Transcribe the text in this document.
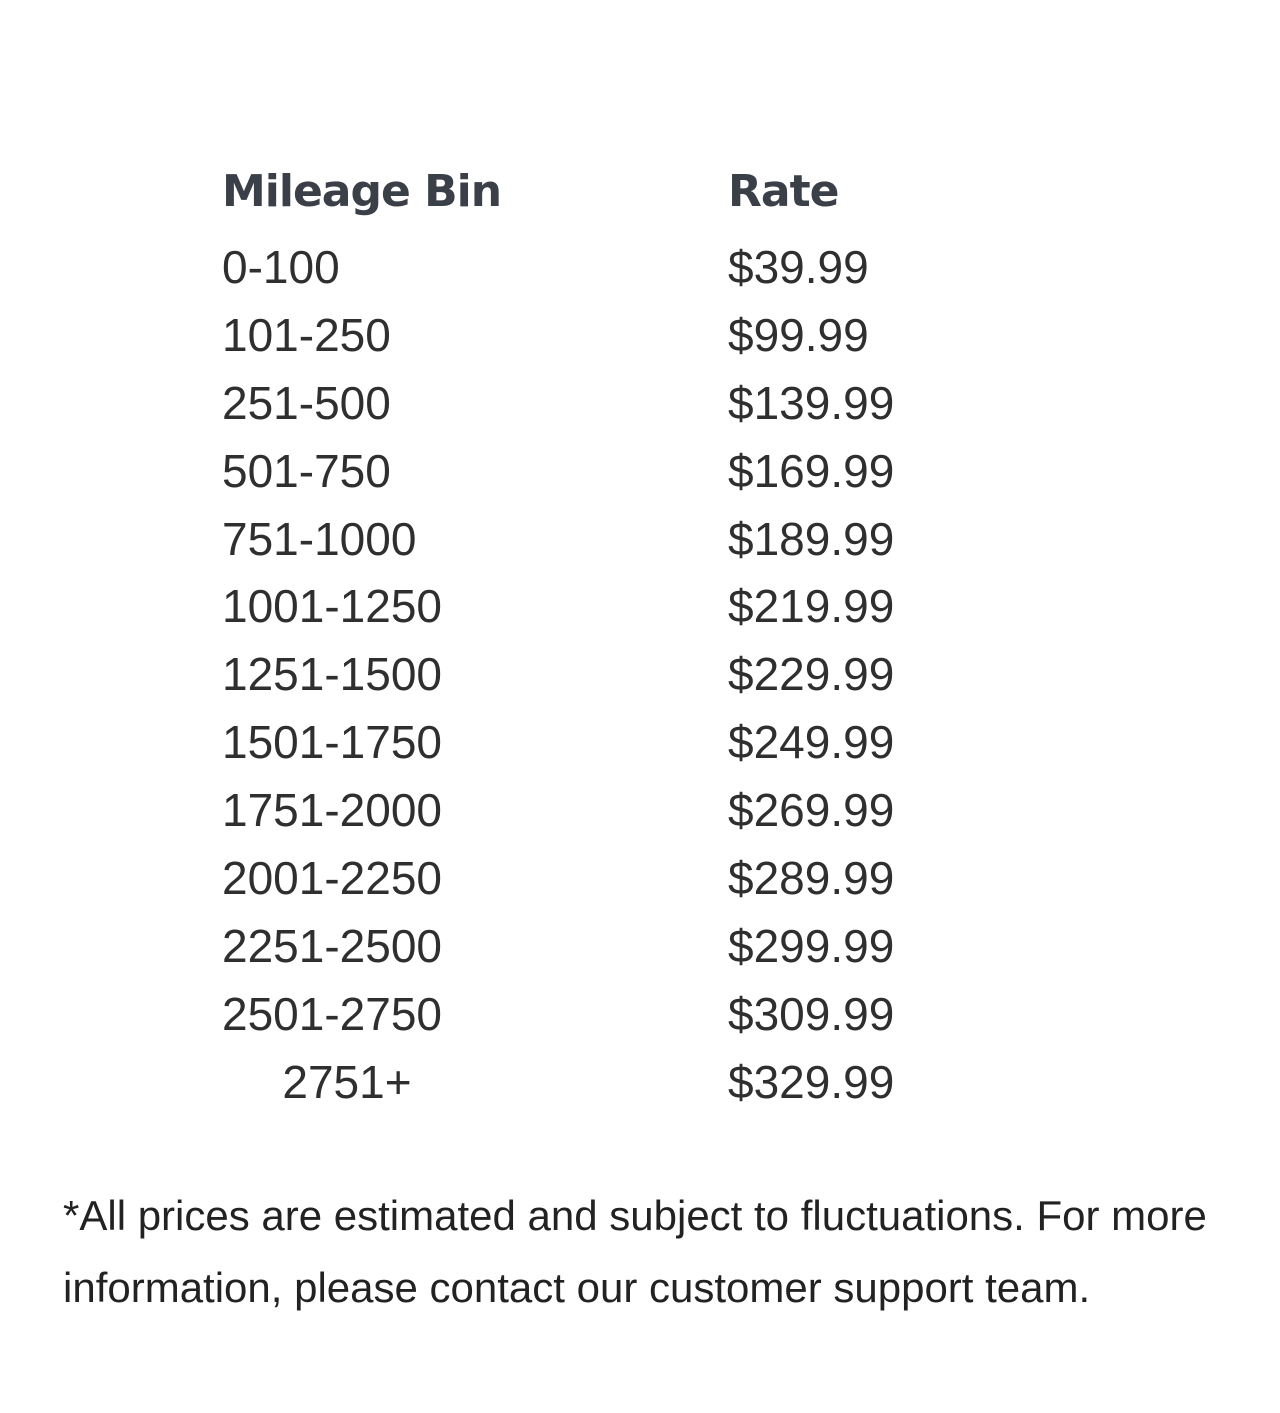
Mileage Bin	Rate
0-100	$39.99
101-250	$99.99
251-500	$139.99
501-750	$169.99
751-1000	$189.99
1001-1250	$219.99
1251-1500	$229.99
1501-1750	$249.99
1751-2000	$269.99
2001-2250	$289.99
2251-2500	$299.99
2501-2750	$309.99
2751+	$329.99

*All prices are estimated and subject to fluctuations. For more information, please contact our customer support team.
